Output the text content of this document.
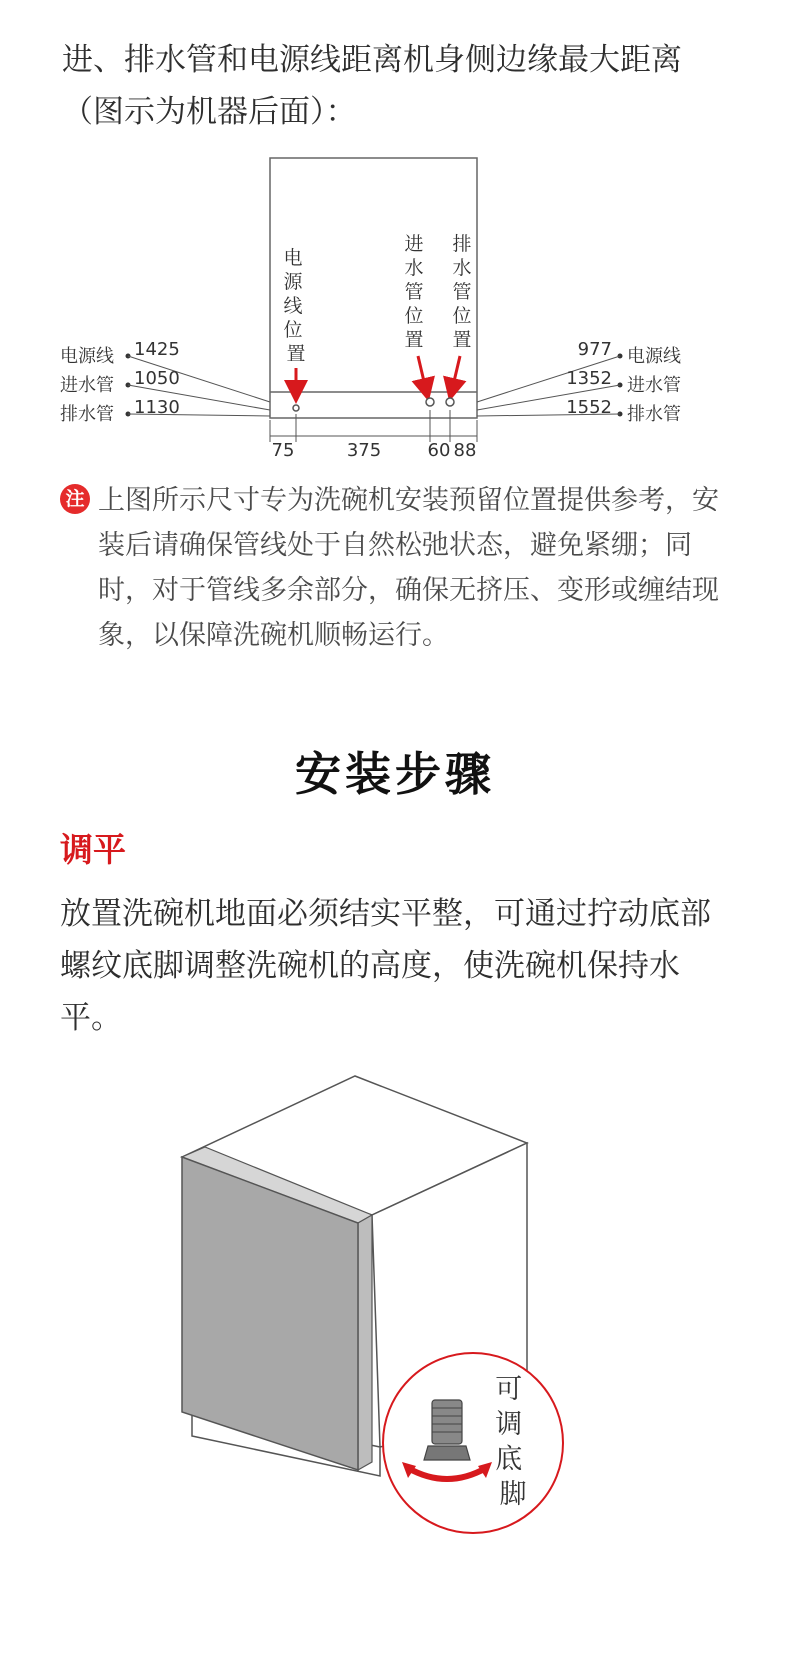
进、排水管和电源线距离机身侧边缘最大距离（图示为机器后面）：

电 源 线 位 置
进水管位置
排水管位置
电源线 1425
进水管 1050
排水管 1130
977 电源线
1352 进水管
1552 排水管
75	375	60 88
注 上图所示尺寸专为洗碗机安装预留位置提供参考，安装后请确保管线处于自然松弛状态，避免紧绷；同时，对于管线多余部分，确保无挤压、变形或缠结现象，以保障洗碗机顺畅运行。

安装步骤
调平

放置洗碗机地面必须结实平整，可通过拧动底部螺纹底脚调整洗碗机的高度，使洗碗机保持水平。

可 调 底 脚
